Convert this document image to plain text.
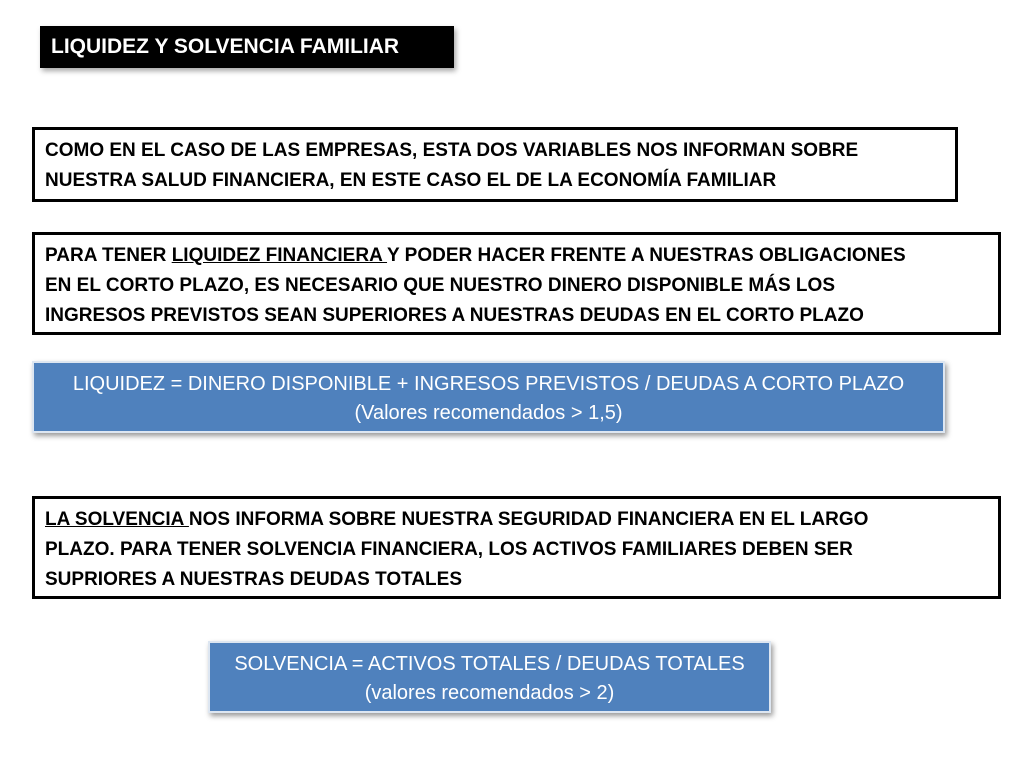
LIQUIDEZ Y SOLVENCIA FAMILIAR
COMO EN EL CASO DE LAS EMPRESAS, ESTA DOS VARIABLES NOS INFORMAN SOBRE
NUESTRA SALUD FINANCIERA, EN ESTE CASO EL DE LA ECONOMÍA FAMILIAR
PARA TENER LIQUIDEZ FINANCIERA Y PODER HACER FRENTE A NUESTRAS OBLIGACIONES
EN EL CORTO PLAZO, ES NECESARIO QUE NUESTRO DINERO DISPONIBLE MÁS LOS
INGRESOS PREVISTOS SEAN SUPERIORES A NUESTRAS DEUDAS EN EL CORTO PLAZO
LIQUIDEZ = DINERO DISPONIBLE + INGRESOS PREVISTOS / DEUDAS A CORTO PLAZO
(Valores recomendados > 1,5)
LA SOLVENCIA NOS INFORMA SOBRE NUESTRA SEGURIDAD FINANCIERA EN EL LARGO
PLAZO. PARA TENER SOLVENCIA FINANCIERA, LOS ACTIVOS FAMILIARES DEBEN SER
SUPRIORES A NUESTRAS DEUDAS TOTALES
SOLVENCIA = ACTIVOS TOTALES / DEUDAS TOTALES
(valores recomendados > 2)
